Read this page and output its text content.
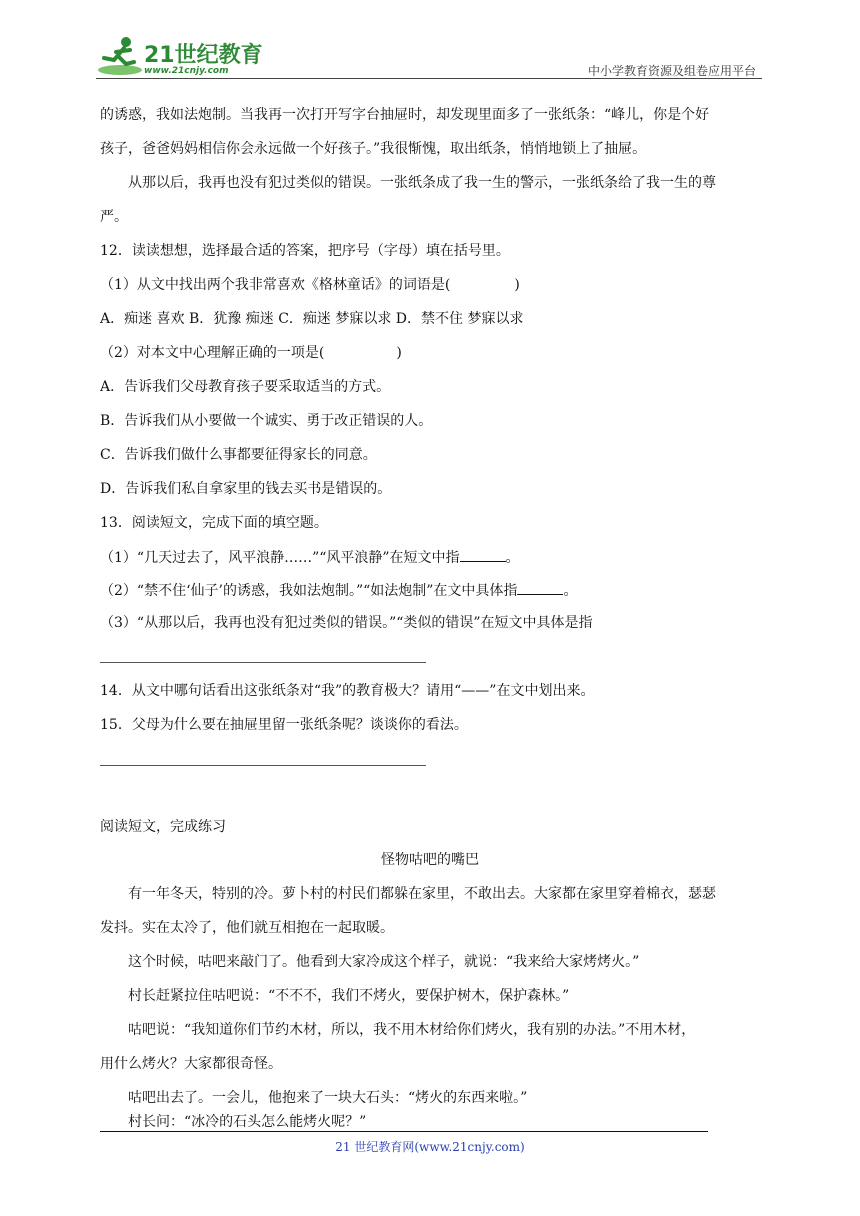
21世纪教育
www.21cnjy.com	中小学教育资源及组卷应用平台
的诱惑，我如法炮制。当我再一次打开写字台抽屉时，却发现里面多了一张纸条：“峰儿，你是个好
孩子，爸爸妈妈相信你会永远做一个好孩子。”我很惭愧，取出纸条，悄悄地锁上了抽屉。
从那以后，我再也没有犯过类似的错误。一张纸条成了我一生的警示，一张纸条给了我一生的尊
严。
12．读读想想，选择最合适的答案，把序号（字母）填在括号里。
（1）从文中找出两个我非常喜欢《格林童话》的词语是(	)
A．痴迷 喜欢 B．犹豫 痴迷 C．痴迷 梦寐以求 D．禁不住 梦寐以求
（2）对本文中心理解正确的一项是(	)
A．告诉我们父母教育孩子要采取适当的方式。
B．告诉我们从小要做一个诚实、勇于改正错误的人。
C．告诉我们做什么事都要征得家长的同意。
D．告诉我们私自拿家里的钱去买书是错误的。
13．阅读短文，完成下面的填空题。
（1）“几天过去了，风平浪静……”“风平浪静”在短文中指	。
（2）“禁不住‘仙子’的诱惑，我如法炮制。”“如法炮制”在文中具体指	。
（3）“从那以后，我再也没有犯过类似的错误。”“类似的错误”在短文中具体是指
14．从文中哪句话看出这张纸条对“我”的教育极大？请用“——”在文中划出来。
15．父母为什么要在抽屉里留一张纸条呢？谈谈你的看法。
阅读短文，完成练习
怪物咕吧的嘴巴
有一年冬天，特别的冷。萝卜村的村民们都躲在家里，不敢出去。大家都在家里穿着棉衣，瑟瑟
发抖。实在太冷了，他们就互相抱在一起取暖。
这个时候，咕吧来敲门了。他看到大家冷成这个样子，就说：“我来给大家烤烤火。”
村长赶紧拉住咕吧说：“不不不，我们不烤火，要保护树木，保护森林。”
咕吧说：“我知道你们节约木材，所以，我不用木材给你们烤火，我有别的办法。”不用木材，
用什么烤火？大家都很奇怪。
咕吧出去了。一会儿，他抱来了一块大石头：“烤火的东西来啦。”
村长问：“冰冷的石头怎么能烤火呢？”
21 世纪教育网(www.21cnjy.com)
